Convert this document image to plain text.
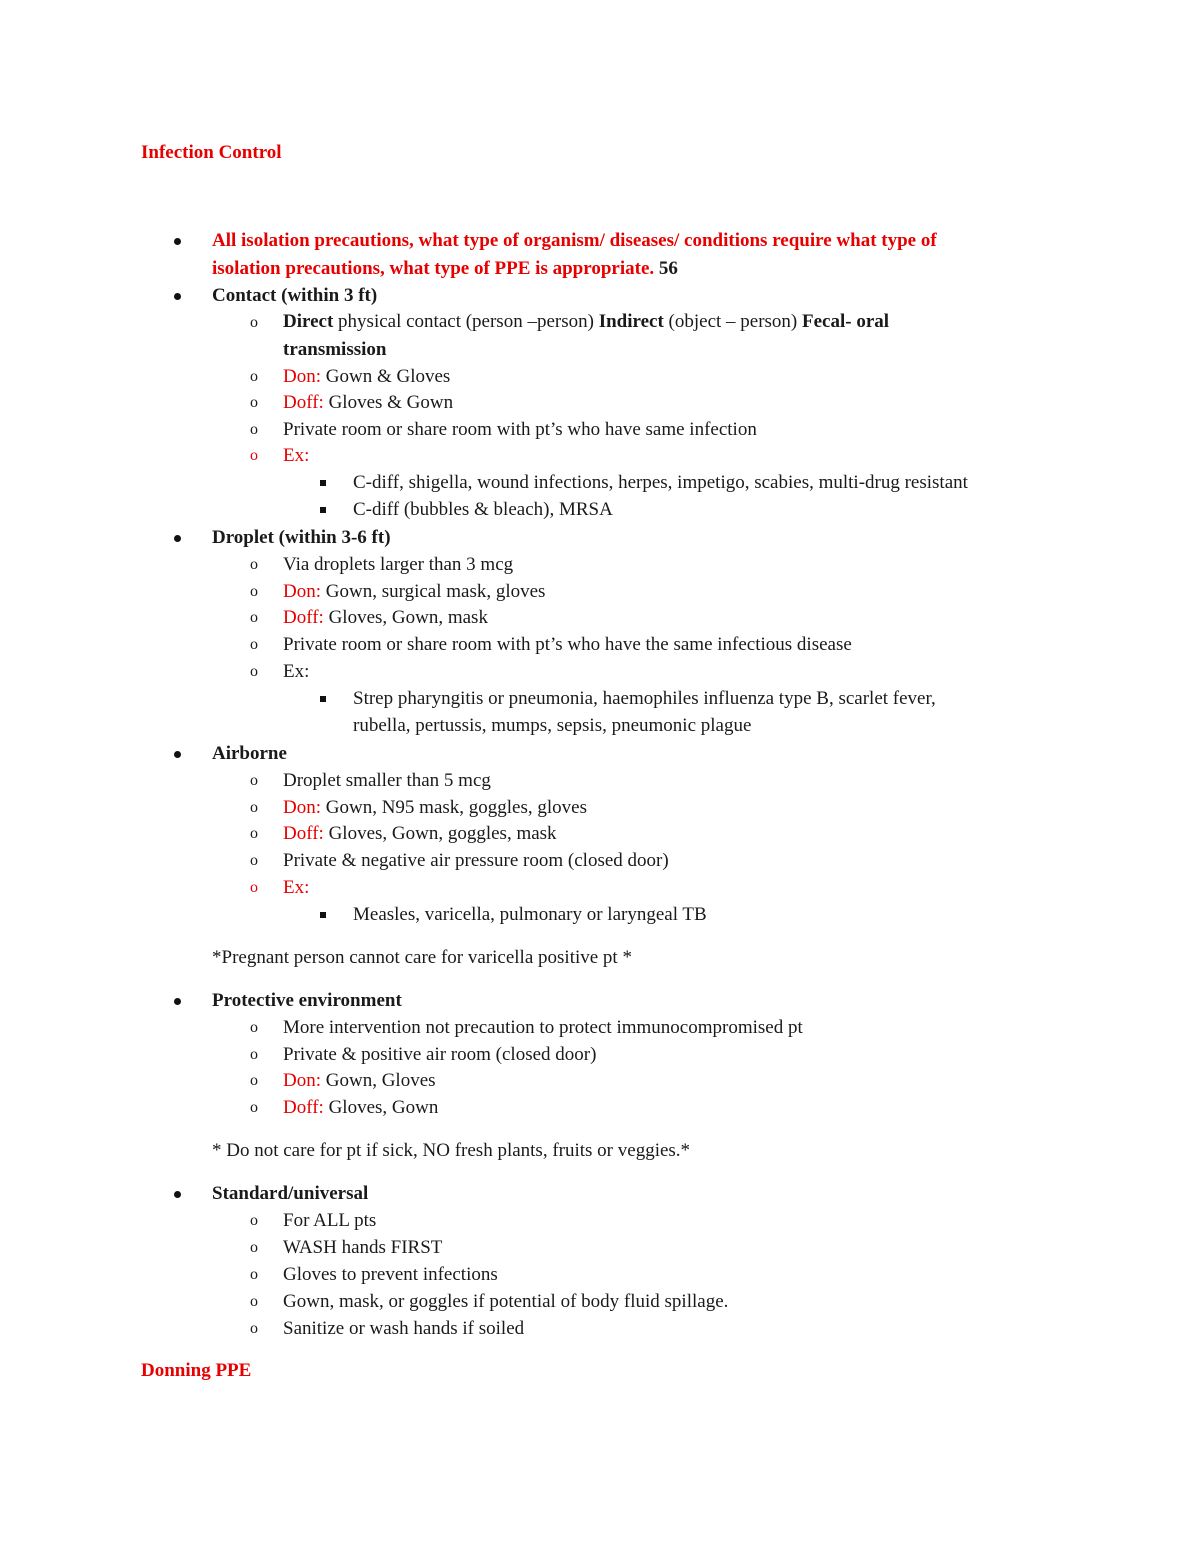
Infection Control
All isolation precautions, what type of organism/ diseases/ conditions require what type of
isolation precautions, what type of PPE is appropriate. 56
Contact (within 3 ft)
o Direct physical contact (person –person) Indirect (object – person) Fecal- oral
transmission
o Don: Gown & Gloves
o Doff: Gloves & Gown
o Private room or share room with pt’s who have same infection
o Ex:
C-diff, shigella, wound infections, herpes, impetigo, scabies, multi-drug resistant
C-diff (bubbles & bleach), MRSA
Droplet (within 3-6 ft)
o Via droplets larger than 3 mcg
o Don: Gown, surgical mask, gloves
o Doff: Gloves, Gown, mask
o Private room or share room with pt’s who have the same infectious disease
o Ex:
Strep pharyngitis or pneumonia, haemophiles influenza type B, scarlet fever,
rubella, pertussis, mumps, sepsis, pneumonic plague
Airborne
o Droplet smaller than 5 mcg
o Don: Gown, N95 mask, goggles, gloves
o Doff: Gloves, Gown, goggles, mask
o Private & negative air pressure room (closed door)
o Ex:
Measles, varicella, pulmonary or laryngeal TB
*Pregnant person cannot care for varicella positive pt *
Protective environment
o More intervention not precaution to protect immunocompromised pt
o Private & positive air room (closed door)
o Don: Gown, Gloves
o Doff: Gloves, Gown
* Do not care for pt if sick, NO fresh plants, fruits or veggies.*
Standard/universal
o For ALL pts
o WASH hands FIRST
o Gloves to prevent infections
o Gown, mask, or goggles if potential of body fluid spillage.
o Sanitize or wash hands if soiled
Donning PPE
